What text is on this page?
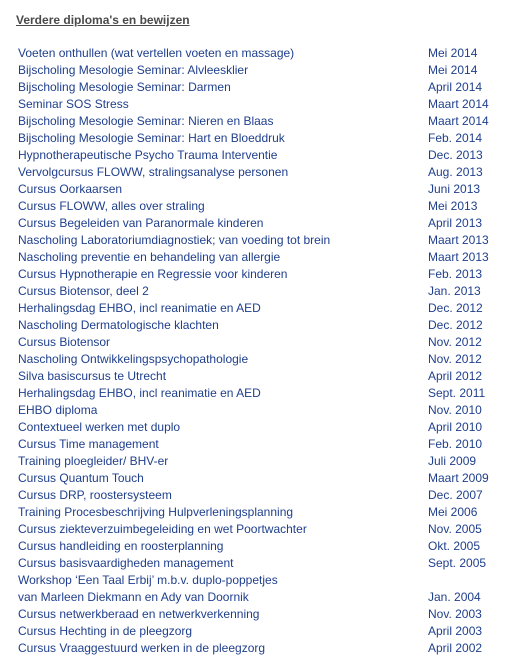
Verdere diploma's en bewijzen
Voeten onthullen (wat vertellen voeten en massage)	Mei 2014
Bijscholing Mesologie Seminar: Alvleesklier	Mei 2014
Bijscholing Mesologie Seminar: Darmen	April 2014
Seminar SOS Stress	Maart 2014
Bijscholing Mesologie Seminar: Nieren en Blaas	Maart 2014
Bijscholing Mesologie Seminar: Hart en Bloeddruk	Feb. 2014
Hypnotherapeutische Psycho Trauma Interventie	Dec. 2013
Vervolgcursus FLOWW, stralingsanalyse personen	Aug. 2013
Cursus Oorkaarsen	Juni 2013
Cursus FLOWW, alles over straling	Mei 2013
Cursus Begeleiden van Paranormale kinderen	April 2013
Nascholing Laboratoriumdiagnostiek; van voeding tot brein	Maart 2013
Nascholing preventie en behandeling van allergie	Maart 2013
Cursus Hypnotherapie en Regressie voor kinderen	Feb. 2013
Cursus Biotensor, deel 2	Jan. 2013
Herhalingsdag EHBO, incl reanimatie en AED	Dec. 2012
Nascholing Dermatologische klachten	Dec. 2012
Cursus Biotensor	Nov. 2012
Nascholing Ontwikkelingspsychopathologie	Nov. 2012
Silva basiscursus te Utrecht	April 2012
Herhalingsdag EHBO, incl reanimatie en AED	Sept. 2011
EHBO diploma	Nov. 2010
Contextueel werken met duplo	April 2010
Cursus Time management	Feb. 2010
Training ploegleider/ BHV-er	Juli 2009
Cursus Quantum Touch	Maart 2009
Cursus DRP, roostersysteem	Dec. 2007
Training Procesbeschrijving Hulpverleningsplanning	Mei 2006
Cursus ziekteverzuimbegeleiding en wet Poortwachter	Nov. 2005
Cursus handleiding en roosterplanning	Okt. 2005
Cursus basisvaardigheden management	Sept. 2005
Workshop ‘Een Taal Erbij’ m.b.v. duplo-poppetjes
van Marleen Diekmann en Ady van Doornik	Jan. 2004
Cursus netwerkberaad en netwerkverkenning	Nov. 2003
Cursus Hechting in de pleegzorg	April 2003
Cursus Vraaggestuurd werken in de pleegzorg	April 2002
